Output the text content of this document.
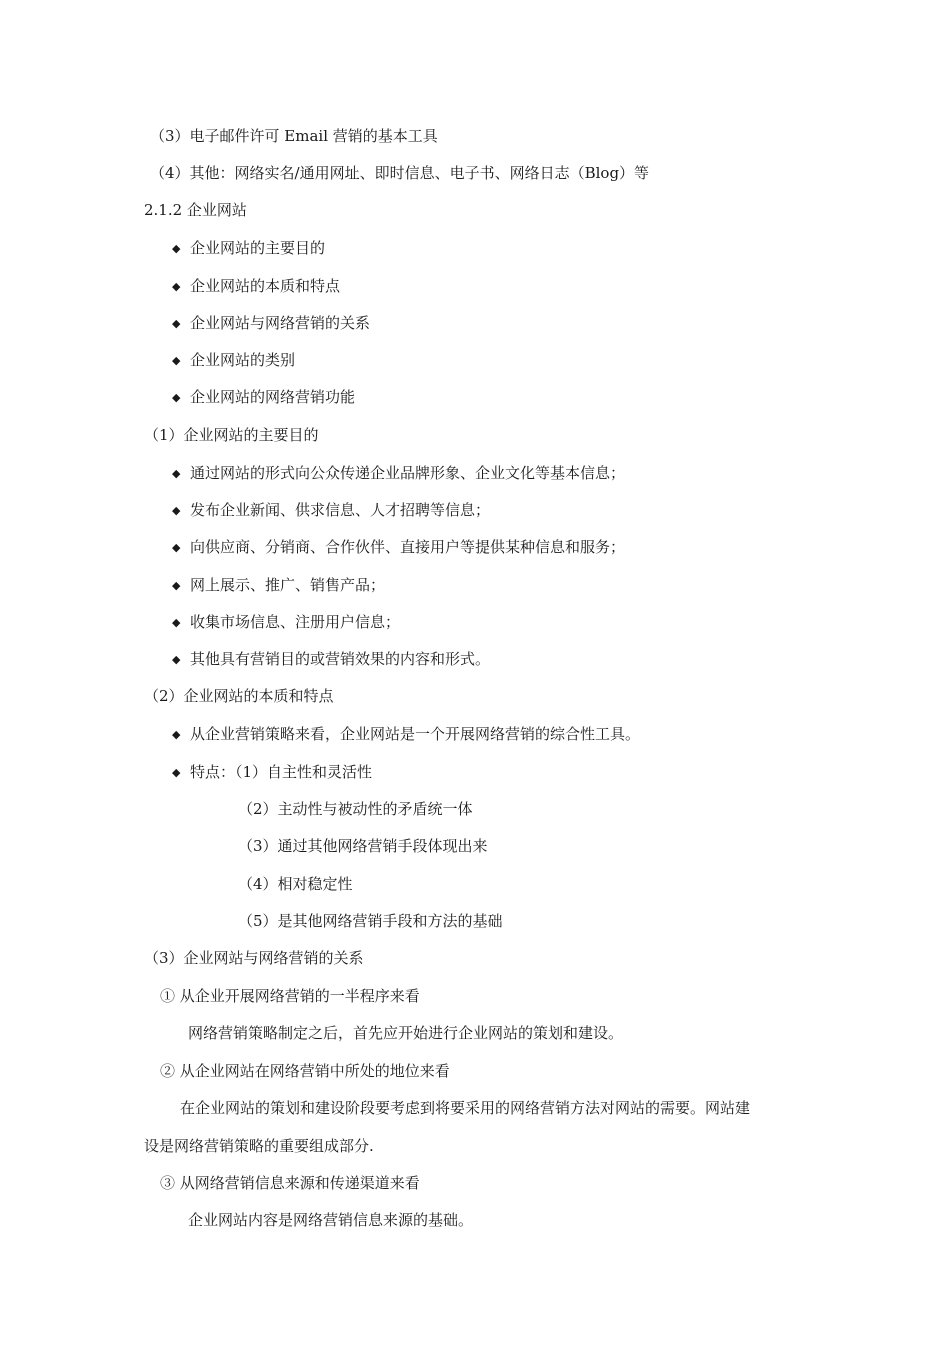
（3）电子邮件许可 Email 营销的基本工具
（4）其他：网络实名/通用网址、即时信息、电子书、网络日志（Blog）等
2.1.2 企业网站
◆ 企业网站的主要目的
◆ 企业网站的本质和特点
◆ 企业网站与网络营销的关系
◆ 企业网站的类别
◆ 企业网站的网络营销功能
（1）企业网站的主要目的
◆ 通过网站的形式向公众传递企业品牌形象、企业文化等基本信息；
◆ 发布企业新闻、供求信息、人才招聘等信息；
◆ 向供应商、分销商、合作伙伴、直接用户等提供某种信息和服务；
◆ 网上展示、推广、销售产品；
◆ 收集市场信息、注册用户信息；
◆ 其他具有营销目的或营销效果的内容和形式。
（2）企业网站的本质和特点
◆ 从企业营销策略来看，企业网站是一个开展网络营销的综合性工具。
◆ 特点：（1）自主性和灵活性
（2）主动性与被动性的矛盾统一体
（3）通过其他网络营销手段体现出来
（4）相对稳定性
（5）是其他网络营销手段和方法的基础
（3）企业网站与网络营销的关系
① 从企业开展网络营销的一半程序来看
网络营销策略制定之后，首先应开始进行企业网站的策划和建设。
② 从企业网站在网络营销中所处的地位来看
在企业网站的策划和建设阶段要考虑到将要采用的网络营销方法对网站的需要。网站建
设是网络营销策略的重要组成部分.
③ 从网络营销信息来源和传递渠道来看
企业网站内容是网络营销信息来源的基础。
